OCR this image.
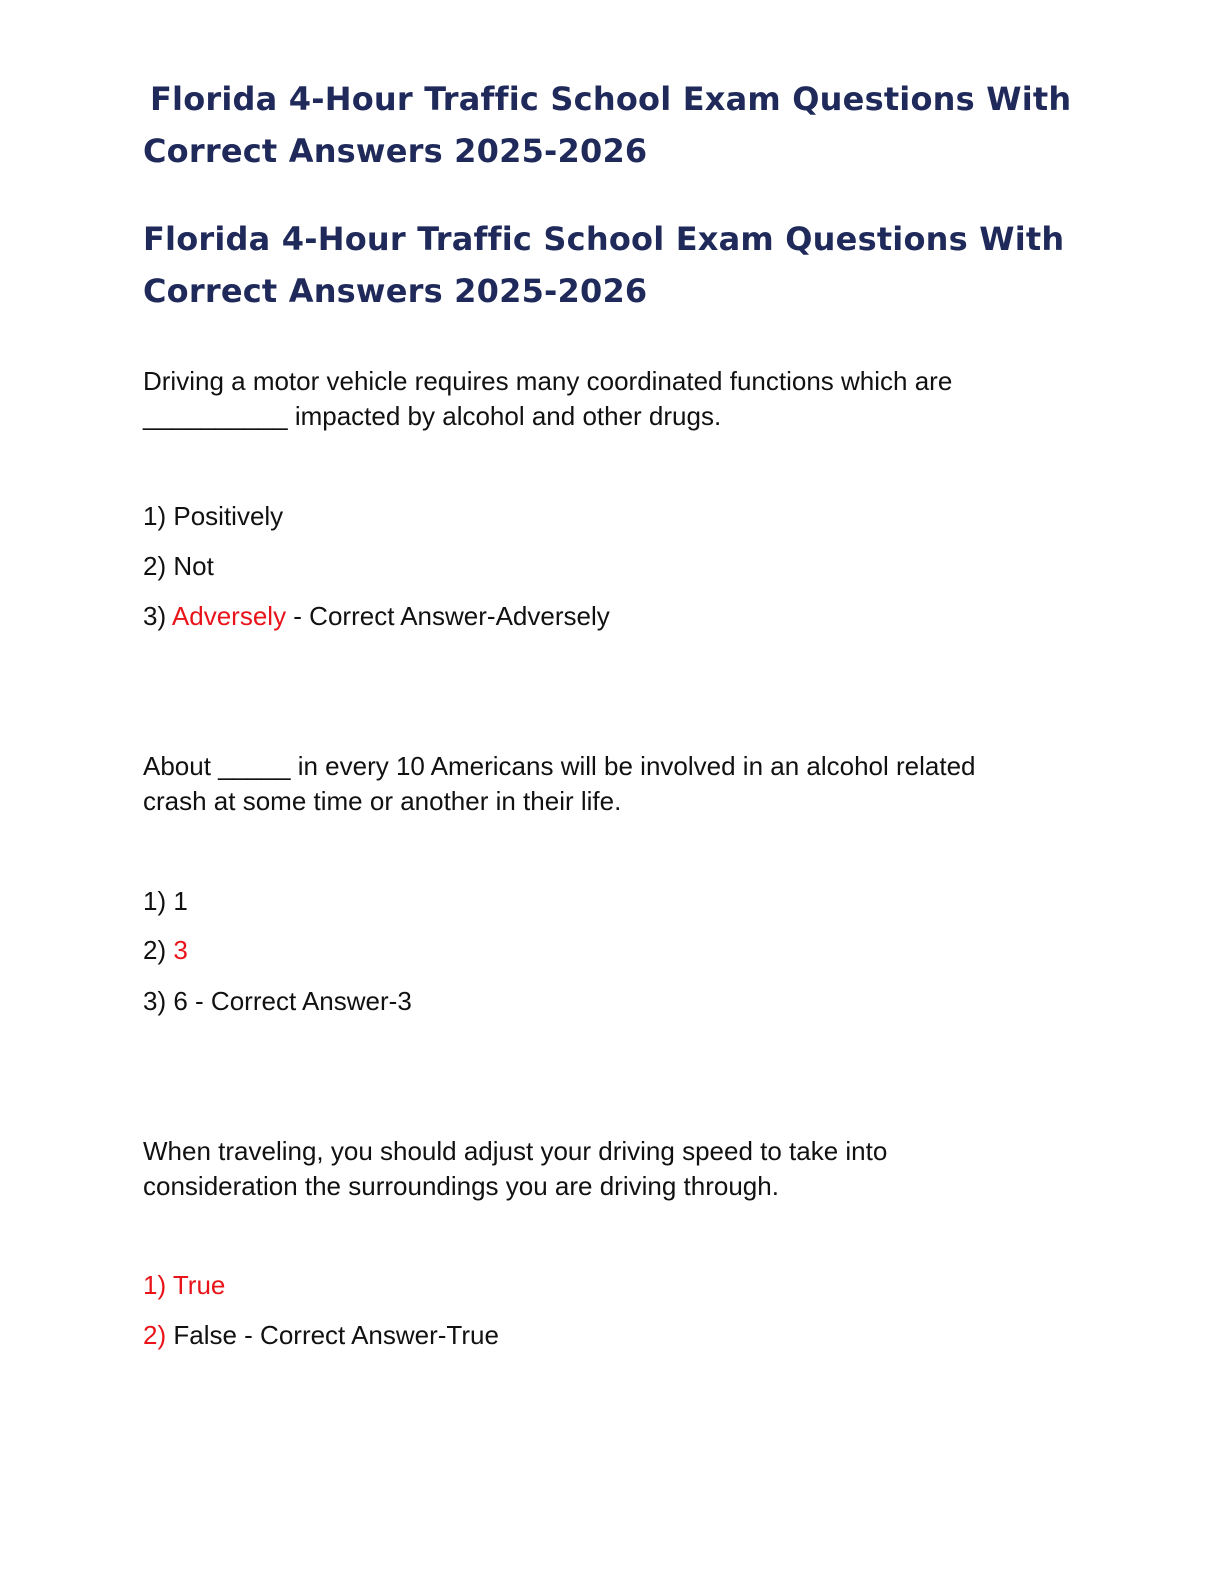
Florida 4-Hour Traffic School Exam Questions With
Correct Answers 2025-2026
Florida 4-Hour Traffic School Exam Questions With
Correct Answers 2025-2026

Driving a motor vehicle requires many coordinated functions which are
__________ impacted by alcohol and other drugs.

1) Positively

2) Not

3) Adversely - Correct Answer-Adversely

About _____ in every 10 Americans will be involved in an alcohol related
crash at some time or another in their life.

1) 1

2) 3

3) 6 - Correct Answer-3

When traveling, you should adjust your driving speed to take into
consideration the surroundings you are driving through.

1) True

2) False - Correct Answer-True
